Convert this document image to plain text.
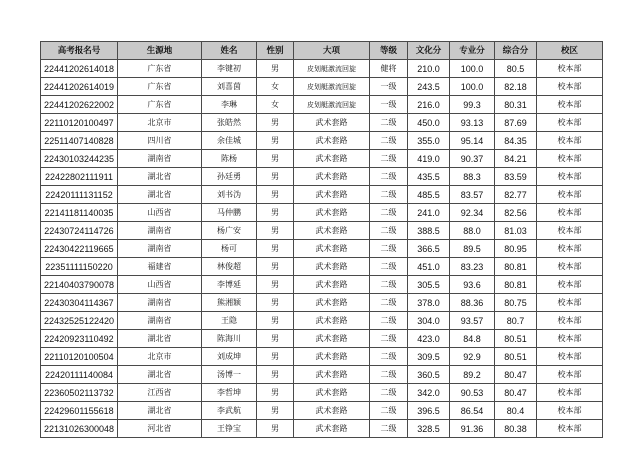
高考报名号	生源地	姓名	性别	大项	等级	文化分	专业分	综合分	校区
22441202614018	广东省	李键初	男	皮划艇激流回旋	健将	210.0	100.0	80.5	校本部
22441202614019	广东省	刘喜茵	女	皮划艇激流回旋	一级	243.5	100.0	82.18	校本部
22441202622002	广东省	李琳	女	皮划艇激流回旋	一级	216.0	99.3	80.31	校本部
22110120100497	北京市	张皓然	男	武术套路	二级	450.0	93.13	87.69	校本部
22511407140828	四川省	余佳城	男	武术套路	二级	355.0	95.14	84.35	校本部
22430103244235	湖南省	陈杨	男	武术套路	二级	419.0	90.37	84.21	校本部
22422802111911	湖北省	孙廷勇	男	武术套路	二级	435.5	88.3	83.59	校本部
22420111131152	湖北省	刘书沩	男	武术套路	二级	485.5	83.57	82.77	校本部
22141181140035	山西省	马仲鹏	男	武术套路	二级	241.0	92.34	82.56	校本部
22430724114726	湖南省	杨广安	男	武术套路	二级	388.5	88.0	81.03	校本部
22430422119665	湖南省	杨可	男	武术套路	二级	366.5	89.5	80.95	校本部
22351111150220	福建省	林俊超	男	武术套路	二级	451.0	83.23	80.81	校本部
22140403790078	山西省	李博延	男	武术套路	二级	305.5	93.6	80.81	校本部
22430304114367	湖南省	熊湘颖	男	武术套路	二级	378.0	88.36	80.75	校本部
22432525122420	湖南省	王隐	男	武术套路	二级	304.0	93.57	80.7	校本部
22420923110492	湖北省	陈海川	男	武术套路	二级	423.0	84.8	80.51	校本部
22110120100504	北京市	刘成坤	男	武术套路	二级	309.5	92.9	80.51	校本部
22420111140084	湖北省	汤博一	男	武术套路	二级	360.5	89.2	80.47	校本部
22360502113732	江西省	李哲坤	男	武术套路	二级	342.0	90.53	80.47	校本部
22429601155618	湖北省	李武航	男	武术套路	二级	396.5	86.54	80.4	校本部
22131026300048	河北省	王铮宝	男	武术套路	二级	328.5	91.36	80.38	校本部
